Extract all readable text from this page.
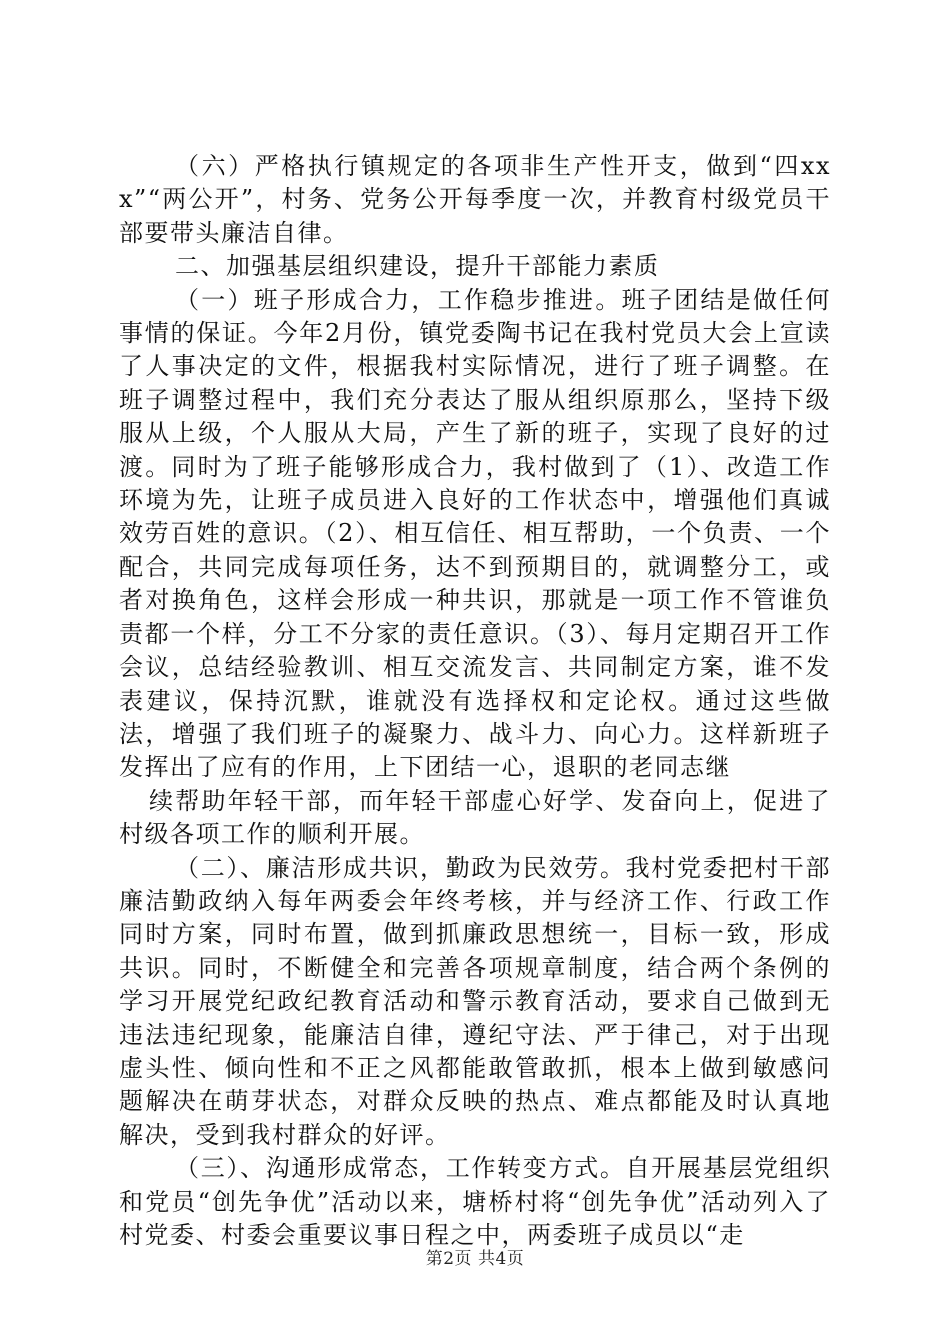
（六）严格执行镇规定的各项非生产性开支，做到“四xxx”“两公开”，村务、党务公开每季度一次，并教育村级党员干部要带头廉洁自律。

二、加强基层组织建设，提升干部能力素质

（一）班子形成合力，工作稳步推进。班子团结是做任何事情的保证。今年2月份，镇党委陶书记在我村党员大会上宣读了人事决定的文件，根据我村实际情况，进行了班子调整。在班子调整过程中，我们充分表达了服从组织原那么，坚持下级服从上级，个人服从大局，产生了新的班子，实现了良好的过渡。同时为了班子能够形成合力，我村做到了（1）、改造工作环境为先，让班子成员进入良好的工作状态中，增强他们真诚效劳百姓的意识。（2）、相互信任、相互帮助，一个负责、一个配合，共同完成每项任务，达不到预期目的，就调整分工，或者对换角色，这样会形成一种共识，那就是一项工作不管谁负责都一个样，分工不分家的责任意识。（3）、每月定期召开工作会议，总结经验教训、相互交流发言、共同制定方案，谁不发表建议，保持沉默，谁就没有选择权和定论权。通过这些做法，增强了我们班子的凝聚力、战斗力、向心力。这样新班子发挥出了应有的作用，上下团结一心，退职的老同志继

续帮助年轻干部，而年轻干部虚心好学、发奋向上，促进了村级各项工作的顺利开展。

（二）、廉洁形成共识，勤政为民效劳。我村党委把村干部廉洁勤政纳入每年两委会年终考核，并与经济工作、行政工作同时方案，同时布置，做到抓廉政思想统一，目标一致，形成共识。同时，不断健全和完善各项规章制度，结合两个条例的学习开展党纪政纪教育活动和警示教育活动，要求自己做到无违法违纪现象，能廉洁自律，遵纪守法、严于律己，对于出现虚头性、倾向性和不正之风都能敢管敢抓，根本上做到敏感问题解决在萌芽状态，对群众反映的热点、难点都能及时认真地解决，受到我村群众的好评。

（三）、沟通形成常态，工作转变方式。自开展基层党组织和党员“创先争优”活动以来，塘桥村将“创先争优”活动列入了村党委、村委会重要议事日程之中，两委班子成员以“走

第2页 共4页
